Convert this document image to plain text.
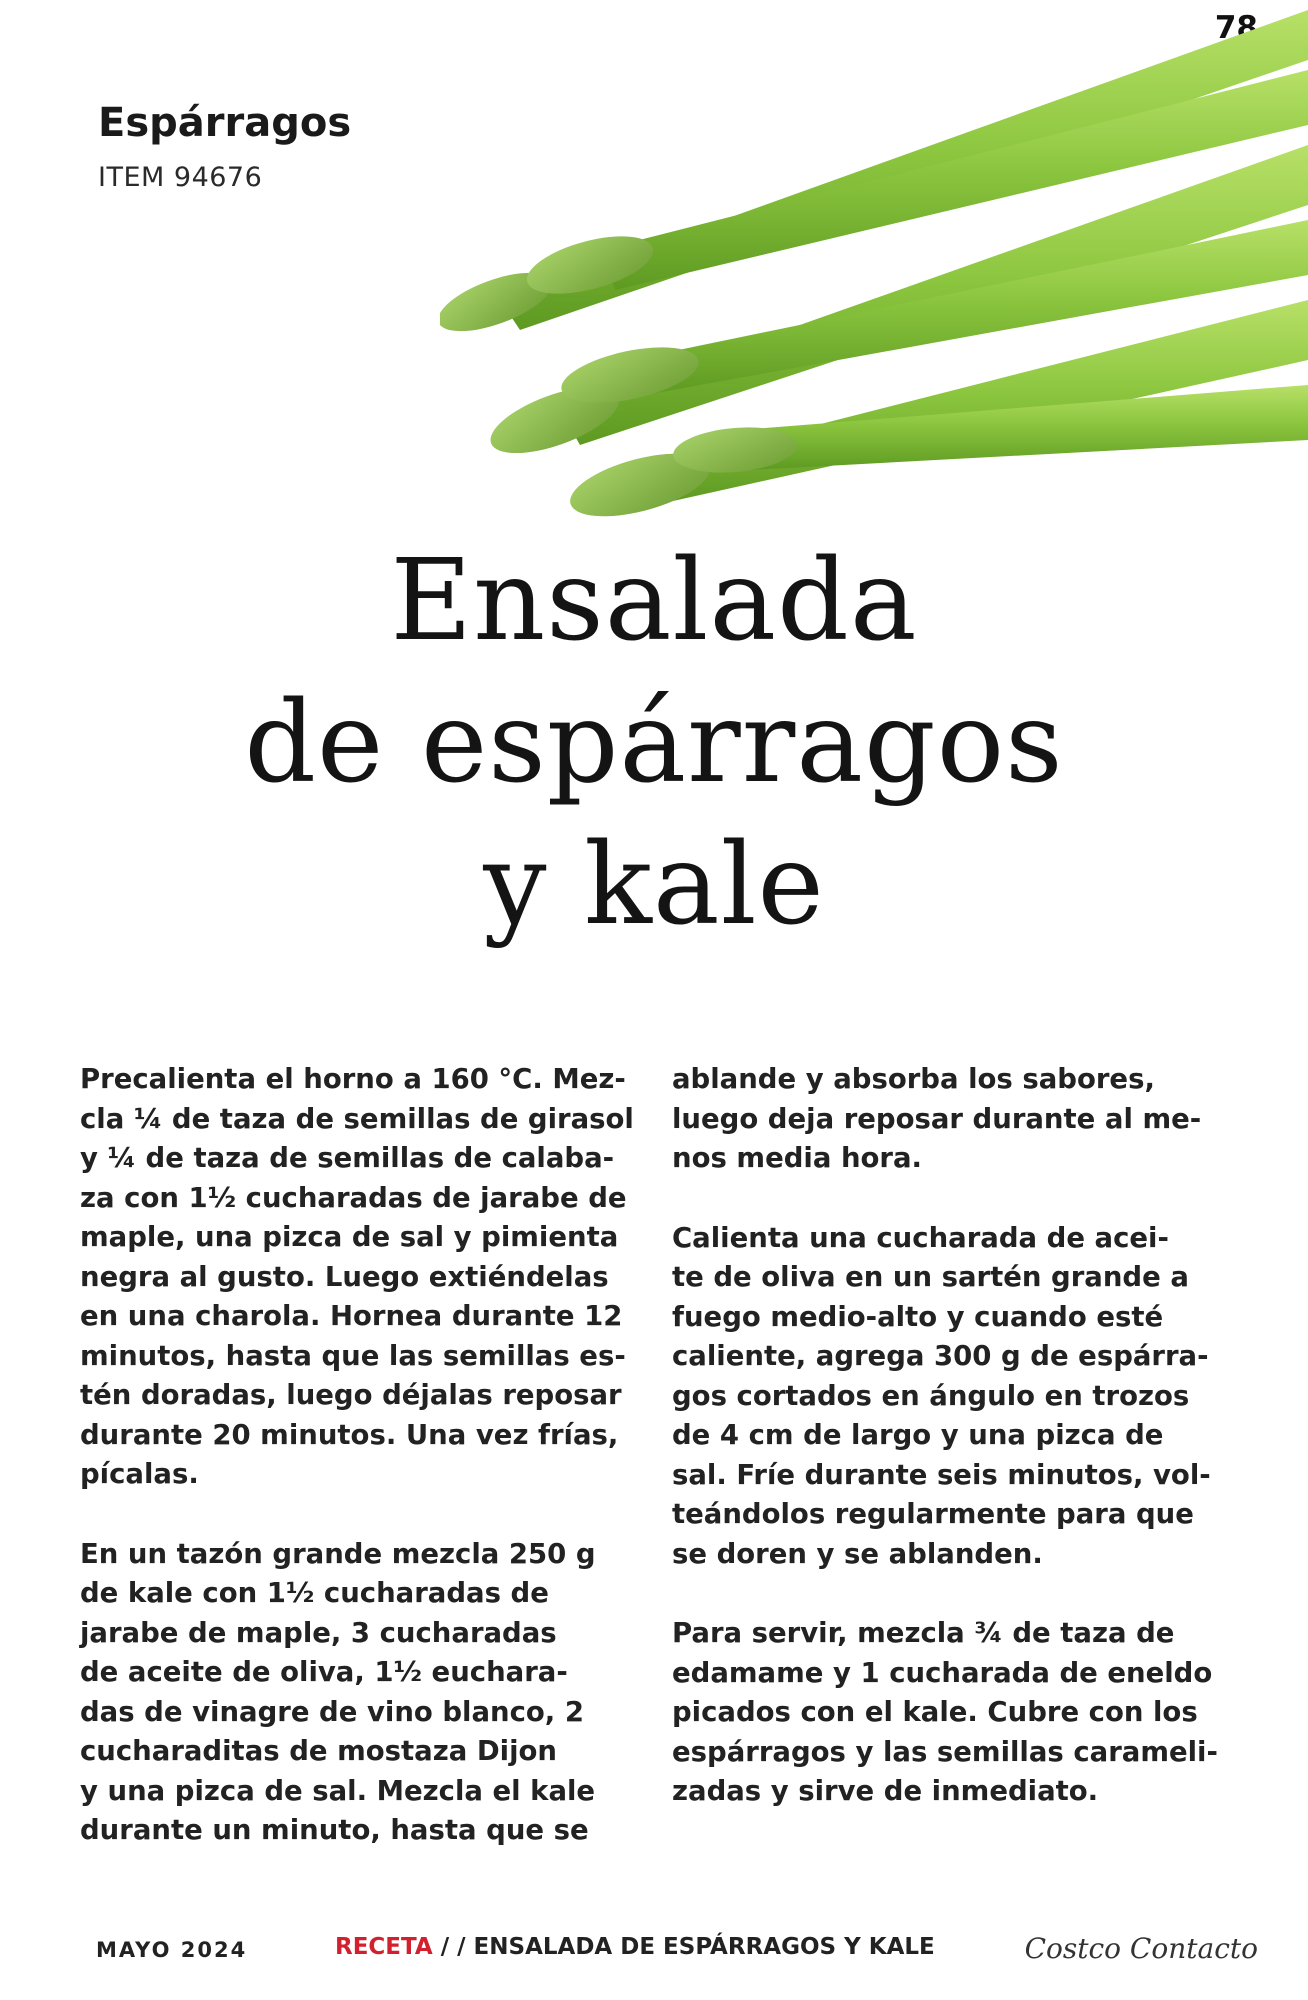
78
Espárragos
ITEM 94676
Ensalada
de espárragos
y kale

Precalienta el horno a 160 °C. Mez-
cla ¼ de taza de semillas de girasol
y ¼ de taza de semillas de calaba-
za con 1½ cucharadas de jarabe de
maple, una pizca de sal y pimienta
negra al gusto. Luego extiéndelas
en una charola. Hornea durante 12
minutos, hasta que las semillas es-
tén doradas, luego déjalas reposar
durante 20 minutos. Una vez frías,
pícalas.

En un tazón grande mezcla 250 g
de kale con 1½ cucharadas de
jarabe de maple, 3 cucharadas
de aceite de oliva, 1½ euchara-
das de vinagre de vino blanco, 2
cucharaditas de mostaza Dijon
y una pizca de sal. Mezcla el kale
durante un minuto, hasta que se

ablande y absorba los sabores,
luego deja reposar durante al me-
nos media hora.

Calienta una cucharada de acei-
te de oliva en un sartén grande a
fuego medio-alto y cuando esté
caliente, agrega 300 g de espárra-
gos cortados en ángulo en trozos
de 4 cm de largo y una pizca de
sal. Fríe durante seis minutos, vol-
teándolos regularmente para que
se doren y se ablanden.

Para servir, mezcla ¾ de taza de
edamame y 1 cucharada de eneldo
picados con el kale. Cubre con los
espárragos y las semillas carameli-
zadas y sirve de inmediato.

MAYO 2024	RECETA / / ENSALADA DE ESPÁRRAGOS Y KALE	Costco Contacto
